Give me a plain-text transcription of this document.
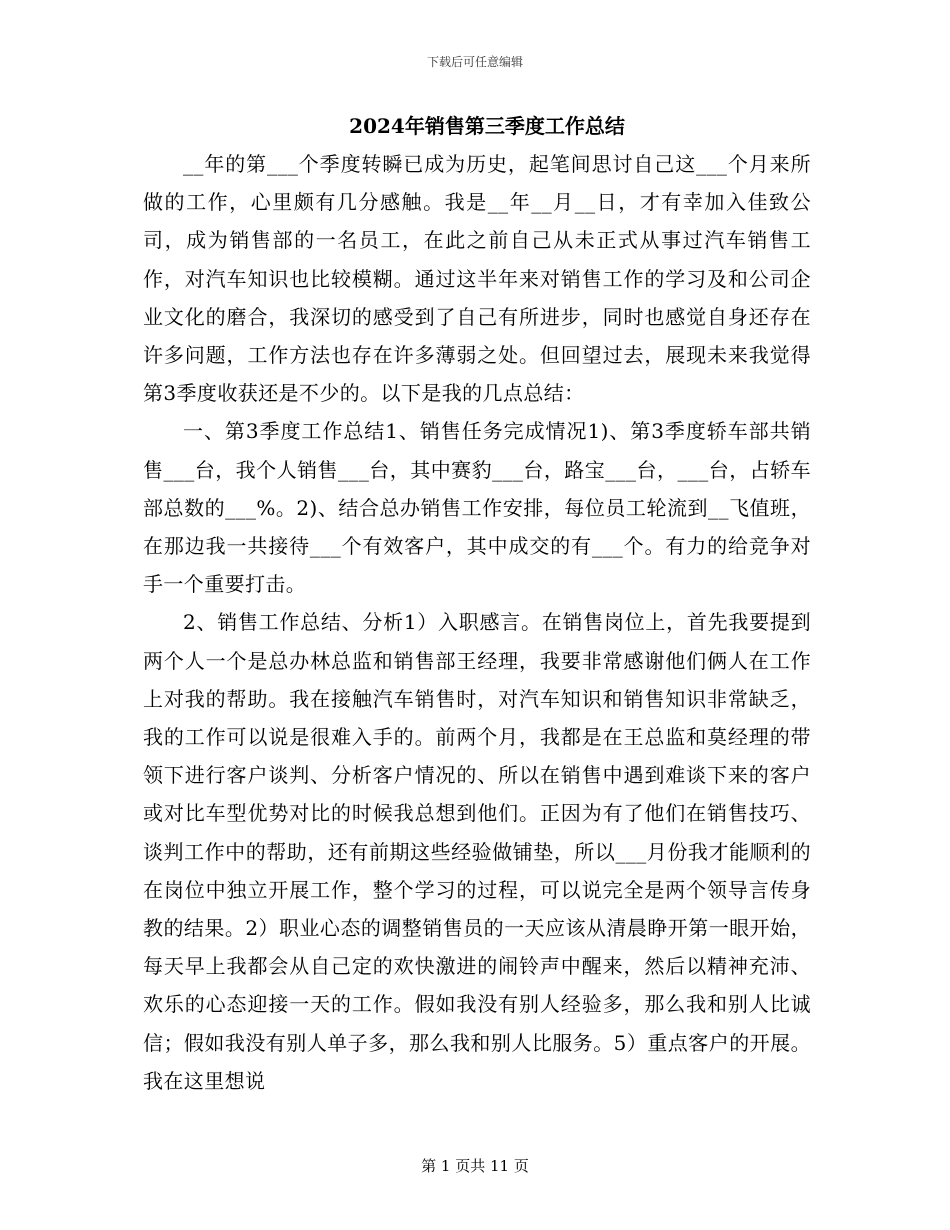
下载后可任意编辑
2024年销售第三季度工作总结

__年的第___个季度转瞬已成为历史，起笔间思讨自己这___个月来所做的工作，心里颇有几分感触。我是__年__月__日，才有幸加入佳致公司，成为销售部的一名员工，在此之前自己从未正式从事过汽车销售工作，对汽车知识也比较模糊。通过这半年来对销售工作的学习及和公司企业文化的磨合，我深切的感受到了自己有所进步，同时也感觉自身还存在许多问题，工作方法也存在许多薄弱之处。但回望过去，展现未来我觉得第3季度收获还是不少的。以下是我的几点总结：

一、第3季度工作总结1、销售任务完成情况1)、第3季度轿车部共销售___台，我个人销售___台，其中赛豹___台，路宝___台，___台，占轿车部总数的___%。2)、结合总办销售工作安排，每位员工轮流到__飞值班，在那边我一共接待___个有效客户，其中成交的有___个。有力的给竞争对手一个重要打击。

2、销售工作总结、分析1）入职感言。在销售岗位上，首先我要提到两个人一个是总办林总监和销售部王经理，我要非常感谢他们俩人在工作上对我的帮助。我在接触汽车销售时，对汽车知识和销售知识非常缺乏，我的工作可以说是很难入手的。前两个月，我都是在王总监和莫经理的带领下进行客户谈判、分析客户情况的、所以在销售中遇到难谈下来的客户或对比车型优势对比的时候我总想到他们。正因为有了他们在销售技巧、谈判工作中的帮助，还有前期这些经验做铺垫，所以___月份我才能顺利的在岗位中独立开展工作，整个学习的过程，可以说完全是两个领导言传身教的结果。2）职业心态的调整销售员的一天应该从清晨睁开第一眼开始，每天早上我都会从自己定的欢快激进的闹铃声中醒来，然后以精神充沛、欢乐的心态迎接一天的工作。假如我没有别人经验多，那么我和别人比诚信；假如我没有别人单子多，那么我和别人比服务。5）重点客户的开展。我在这里想说

第 1 页共 11 页
